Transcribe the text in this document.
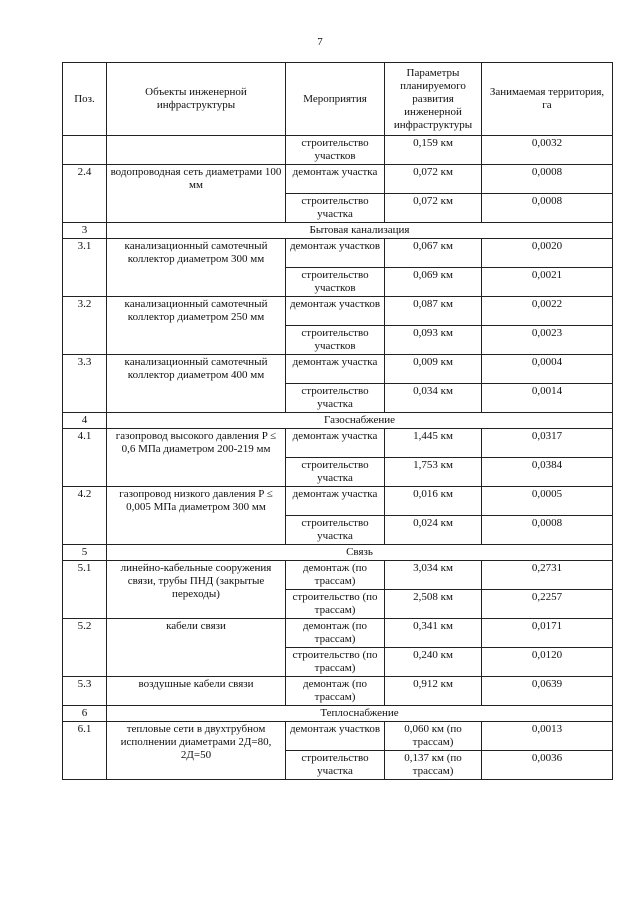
7
Поз.	Объекты инженерной инфраструктуры	Мероприятия	Параметры планируемого развития инженерной инфраструктуры	Занимаемая территория, га
		строительство участков	0,159 км	0,0032
2.4	водопроводная сеть диаметрами 100 мм	демонтаж участка	0,072 км	0,0008
		строительство участка	0,072 км	0,0008
3	Бытовая канализация			
3.1	канализационный самотечный коллектор диаметром 300 мм	демонтаж участков	0,067 км	0,0020
		строительство участков	0,069 км	0,0021
3.2	канализационный самотечный коллектор диаметром 250 мм	демонтаж участков	0,087 км	0,0022
		строительство участков	0,093 км	0,0023
3.3	канализационный самотечный коллектор диаметром 400 мм	демонтаж участка	0,009 км	0,0004
		строительство участка	0,034 км	0,0014
4	Газоснабжение			
4.1	газопровод высокого давления P ≤ 0,6 МПа диаметром 200-219 мм	демонтаж участка	1,445 км	0,0317
		строительство участка	1,753 км	0,0384
4.2	газопровод низкого давления P ≤ 0,005 МПа диаметром 300 мм	демонтаж участка	0,016 км	0,0005
		строительство участка	0,024 км	0,0008
5	Связь			
5.1	линейно-кабельные сооружения связи, трубы ПНД (закрытые переходы)	демонтаж (по трассам)	3,034 км	0,2731
		строительство (по трассам)	2,508 км	0,2257
5.2	кабели связи	демонтаж (по трассам)	0,341 км	0,0171
		строительство (по трассам)	0,240 км	0,0120
5.3	воздушные кабели связи	демонтаж (по трассам)	0,912 км	0,0639
6	Теплоснабжение			
6.1	тепловые сети в двухтрубном исполнении диаметрами 2Д=80, 2Д=50	демонтаж участков	0,060 км (по трассам)	0,0013
		строительство участка	0,137 км (по трассам)	0,0036
